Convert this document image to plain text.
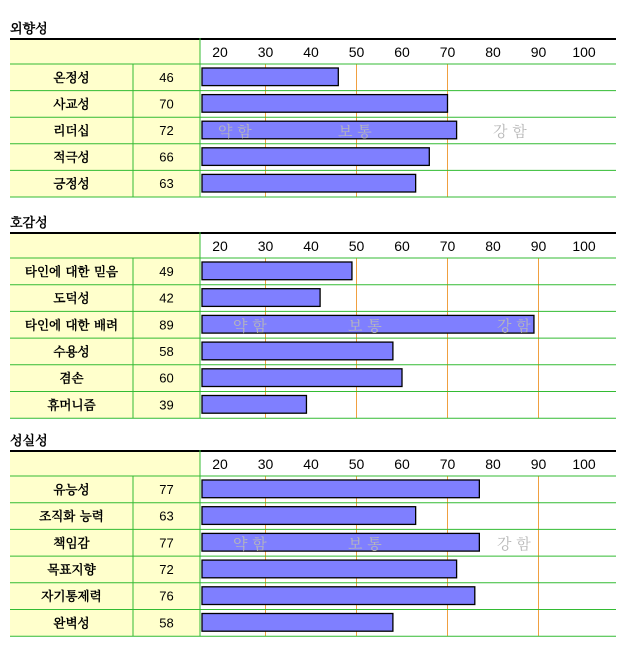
외향성
20 30 40 50 60 70 80 90 100
온정성	46
사교성	70
리더십	72
적극성	66
긍정성	63
약 함	보 통	강 함
호감성
20 30 40 50 60 70 80 90 100
타인에 대한 믿음	49
도덕성	42
타인에 대한 배려	89
수용성	58
겸손	60
휴머니즘	39
약 함	보 통	강 함
성실성
20 30 40 50 60 70 80 90 100
유능성	77
조직화 능력	63
책임감	77
목표지향	72
자기통제력	76
완벽성	58
약 함	보 통	강 함
